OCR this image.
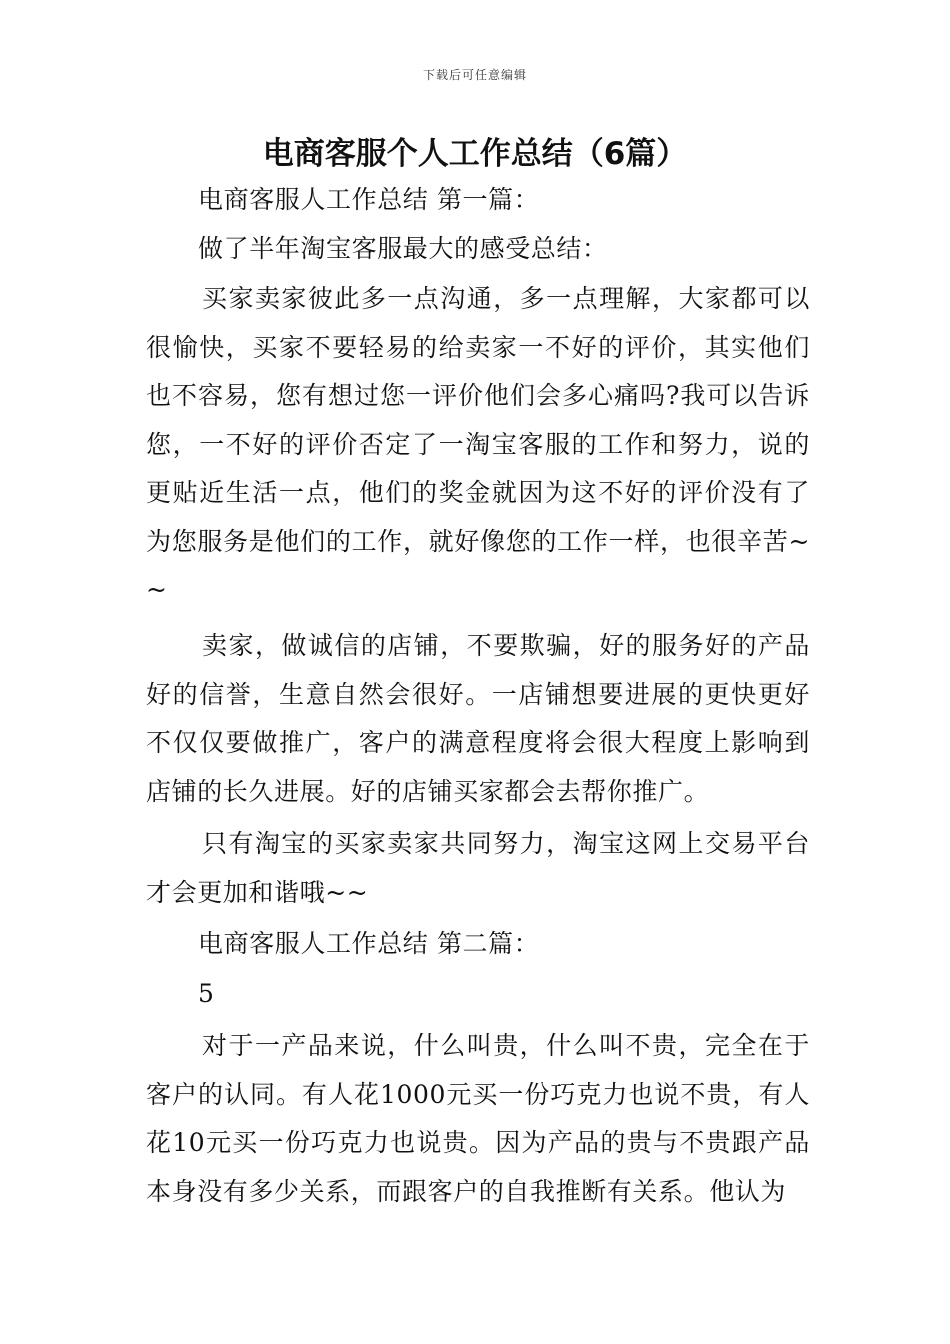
下载后可任意编辑
电商客服个人工作总结（6篇）

电商客服人工作总结 第一篇：

做了半年淘宝客服最大的感受总结：

买家卖家彼此多一点沟通，多一点理解，大家都可以很愉快，买家不要轻易的给卖家一不好的评价，其实他们也不容易，您有想过您一评价他们会多心痛吗?我可以告诉您，一不好的评价否定了一淘宝客服的工作和努力，说的更贴近生活一点，他们的奖金就因为这不好的评价没有了为您服务是他们的工作，就好像您的工作一样，也很辛苦~~

卖家，做诚信的店铺，不要欺骗，好的服务好的产品好的信誉，生意自然会很好。一店铺想要进展的更快更好不仅仅要做推广，客户的满意程度将会很大程度上影响到店铺的长久进展。好的店铺买家都会去帮你推广。

只有淘宝的买家卖家共同努力，淘宝这网上交易平台才会更加和谐哦~~

电商客服人工作总结 第二篇：

5

对于一产品来说，什么叫贵，什么叫不贵，完全在于客户的认同。有人花1000元买一份巧克力也说不贵，有人花10元买一份巧克力也说贵。因为产品的贵与不贵跟产品本身没有多少关系，而跟客户的自我推断有关系。他认为
